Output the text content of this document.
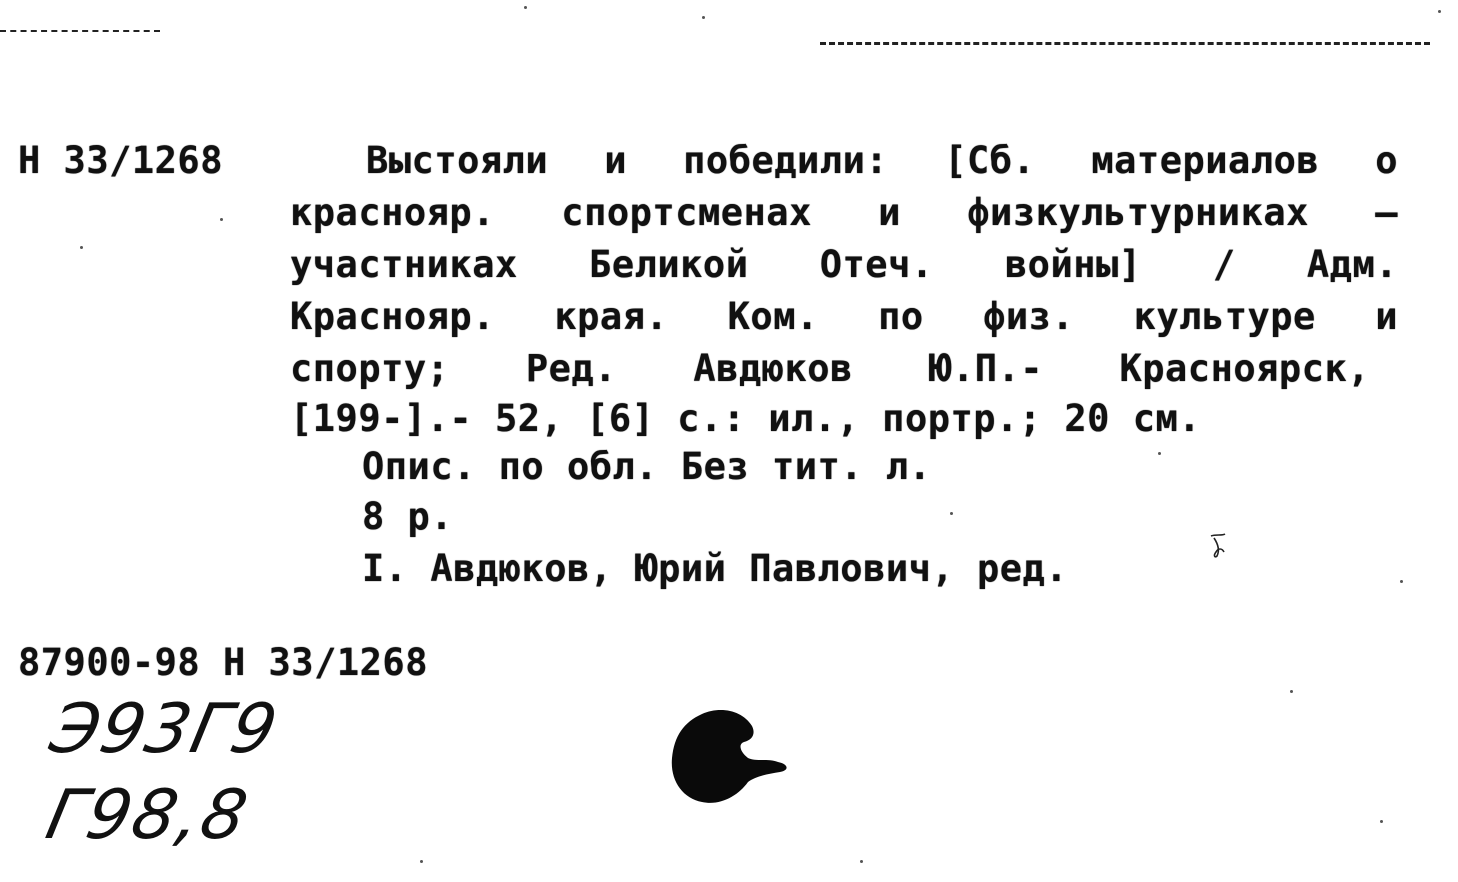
Н 33/1268	Выстояли и победили: [Сб. материалов о
краснояр. спортсменах и физкультурниках –
участниках Беликой Отеч. войны] / Адм.
Краснояр. края. Ком. по физ. культуре и
спорту; Ред. Авдюков Ю.П.- Красноярск,
[199-].- 52, [6] с.: ил., портр.; 20 см.
Опис. по обл. Без тит. л.
8 р.
I. Авдюков, Юрий Павлович, ред.
87900-98 Н 33/1268
Э93Г9
Г98,8
